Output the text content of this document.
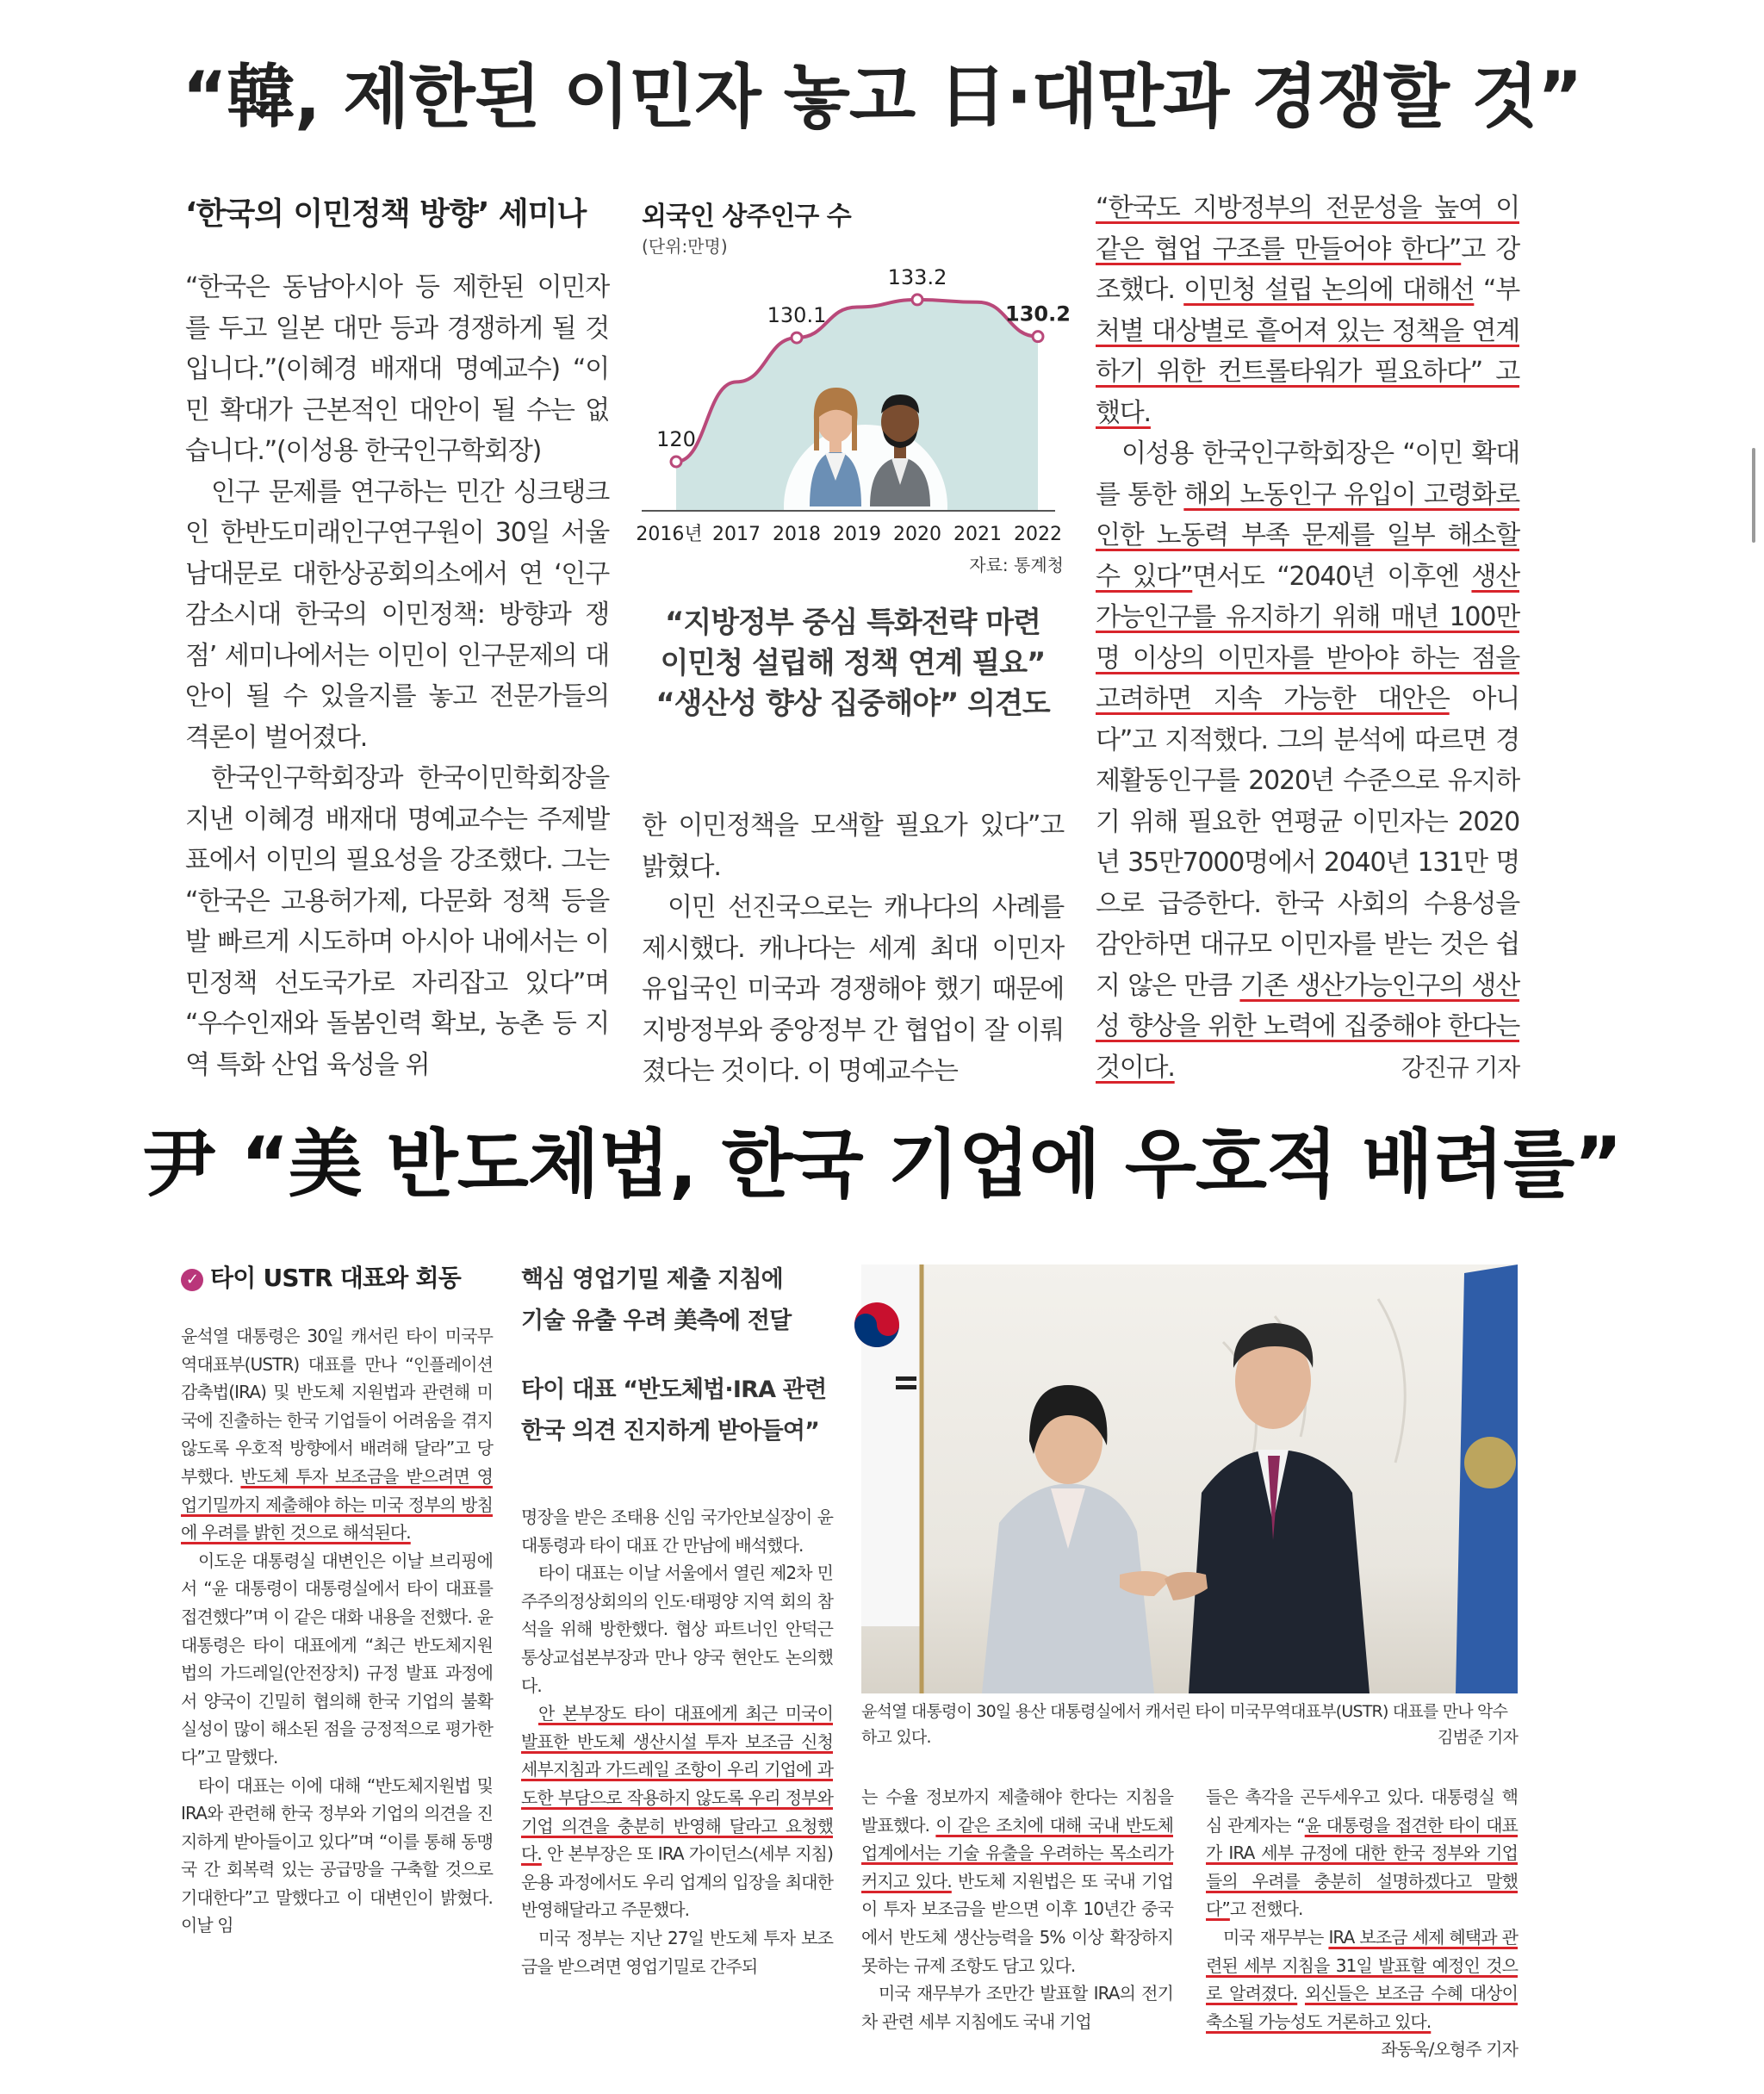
“韓, 제한된 이민자 놓고 日·대만과 경쟁할 것”
‘한국의 이민정책 방향’ 세미나

“한국은 동남아시아 등 제한된 이민자를 두고 일본 대만 등과 경쟁하게 될 것입니다.”(이혜경 배재대 명예교수) “이민 확대가 근본적인 대안이 될 수는 없습니다.”(이성용 한국인구학회장)

인구 문제를 연구하는 민간 싱크탱크인 한반도미래인구연구원이 30일 서울 남대문로 대한상공회의소에서 연 ‘인구 감소시대 한국의 이민정책: 방향과 쟁점’ 세미나에서는 이민이 인구문제의 대안이 될 수 있을지를 놓고 전문가들의 격론이 벌어졌다.

한국인구학회장과 한국이민학회장을 지낸 이혜경 배재대 명예교수는 주제발표에서 이민의 필요성을 강조했다. 그는 “한국은 고용허가제, 다문화 정책 등을 발 빠르게 시도하며 아시아 내에서는 이민정책 선도국가로 자리잡고 있다”며 “우수인재와 돌봄인력 확보, 농촌 등 지역 특화 산업 육성을 위

외국인 상주인구 수
(단위:만명)
120
130.1
133.2
130.2
2016년 2017 2018 2019 2020 2021 2022
자료: 통계청
“지방정부 중심 특화전략 마련
이민청 설립해 정책 연계 필요”
“생산성 향상 집중해야” 의견도

한 이민정책을 모색할 필요가 있다”고 밝혔다.

이민 선진국으로는 캐나다의 사례를 제시했다. 캐나다는 세계 최대 이민자 유입국인 미국과 경쟁해야 했기 때문에 지방정부와 중앙정부 간 협업이 잘 이뤄졌다는 것이다. 이 명예교수는

“한국도 지방정부의 전문성을 높여 이 같은 협업 구조를 만들어야 한다”고 강조했다. 이민청 설립 논의에 대해선 “부처별 대상별로 흩어져 있는 정책을 연계하기 위한 컨트롤타워가 필요하다” 고 했다.

이성용 한국인구학회장은 “이민 확대를 통한 해외 노동인구 유입이 고령화로 인한 노동력 부족 문제를 일부 해소할 수 있다”면서도 “2040년 이후엔 생산가능인구를 유지하기 위해 매년 100만 명 이상의 이민자를 받아야 하는 점을 고려하면 지속 가능한 대안은 아니다”고 지적했다. 그의 분석에 따르면 경제활동인구를 2020년 수준으로 유지하기 위해 필요한 연평균 이민자는 2020년 35만7000명에서 2040년 131만 명으로 급증한다. 한국 사회의 수용성을 감안하면 대규모 이민자를 받는 것은 쉽지 않은 만큼 기존 생산가능인구의 생산성 향상을 위한 노력에 집중해야 한다는 것이다.	강진규 기자

尹 “美 반도체법, 한국 기업에 우호적 배려를”
✓ 타이 USTR 대표와 회동	핵심 영업기밀 제출 지침에
기술 유출 우려 美측에 전달
타이 대표 “반도체법·IRA 관련
한국 의견 진지하게 받아들여”
윤석열 대통령이 30일 용산 대통령실에서 캐서린 타이 미국무역대표부(USTR) 대표를 만나 악수하고 있다.	김범준 기자

윤석열 대통령은 30일 캐서린 타이 미국무역대표부(USTR) 대표를 만나 “인플레이션 감축법(IRA) 및 반도체 지원법과 관련해 미국에 진출하는 한국 기업들이 어려움을 겪지 않도록 우호적 방향에서 배려해 달라”고 당부했다. 반도체 투자 보조금을 받으려면 영업기밀까지 제출해야 하는 미국 정부의 방침에 우려를 밝힌 것으로 해석된다.

이도운 대통령실 대변인은 이날 브리핑에서 “윤 대통령이 대통령실에서 타이 대표를 접견했다”며 이 같은 대화 내용을 전했다. 윤 대통령은 타이 대표에게 “최근 반도체지원법의 가드레일(안전장치) 규정 발표 과정에서 양국이 긴밀히 협의해 한국 기업의 불확실성이 많이 해소된 점을 긍정적으로 평가한다”고 말했다.

타이 대표는 이에 대해 “반도체지원법 및 IRA와 관련해 한국 정부와 기업의 의견을 진지하게 받아들이고 있다”며 “이를 통해 동맹국 간 회복력 있는 공급망을 구축할 것으로 기대한다”고 말했다고 이 대변인이 밝혔다. 이날 임

명장을 받은 조태용 신임 국가안보실장이 윤 대통령과 타이 대표 간 만남에 배석했다.

타이 대표는 이날 서울에서 열린 제2차 민주주의정상회의의 인도·태평양 지역 회의 참석을 위해 방한했다. 협상 파트너인 안덕근 통상교섭본부장과 만나 양국 현안도 논의했다.

안 본부장도 타이 대표에게 최근 미국이 발표한 반도체 생산시설 투자 보조금 신청 세부지침과 가드레일 조항이 우리 기업에 과도한 부담으로 작용하지 않도록 우리 정부와 기업 의견을 충분히 반영해 달라고 요청했다. 안 본부장은 또 IRA 가이던스(세부 지침) 운용 과정에서도 우리 업계의 입장을 최대한 반영해달라고 주문했다.

미국 정부는 지난 27일 반도체 투자 보조금을 받으려면 영업기밀로 간주되

는 수율 정보까지 제출해야 한다는 지침을 발표했다. 이 같은 조치에 대해 국내 반도체업계에서는 기술 유출을 우려하는 목소리가 커지고 있다. 반도체 지원법은 또 국내 기업이 투자 보조금을 받으면 이후 10년간 중국에서 반도체 생산능력을 5% 이상 확장하지 못하는 규제 조항도 담고 있다.

미국 재무부가 조만간 발표할 IRA의 전기차 관련 세부 지침에도 국내 기업

들은 촉각을 곤두세우고 있다. 대통령실 핵심 관계자는 “윤 대통령을 접견한 타이 대표가 IRA 세부 규정에 대한 한국 정부와 기업들의 우려를 충분히 설명하겠다고 말했다”고 전했다.

미국 재무부는 IRA 보조금 세제 혜택과 관련된 세부 지침을 31일 발표할 예정인 것으로 알려졌다. 외신들은 보조금 수혜 대상이 축소될 가능성도 거론하고 있다.
좌동욱/오형주 기자
